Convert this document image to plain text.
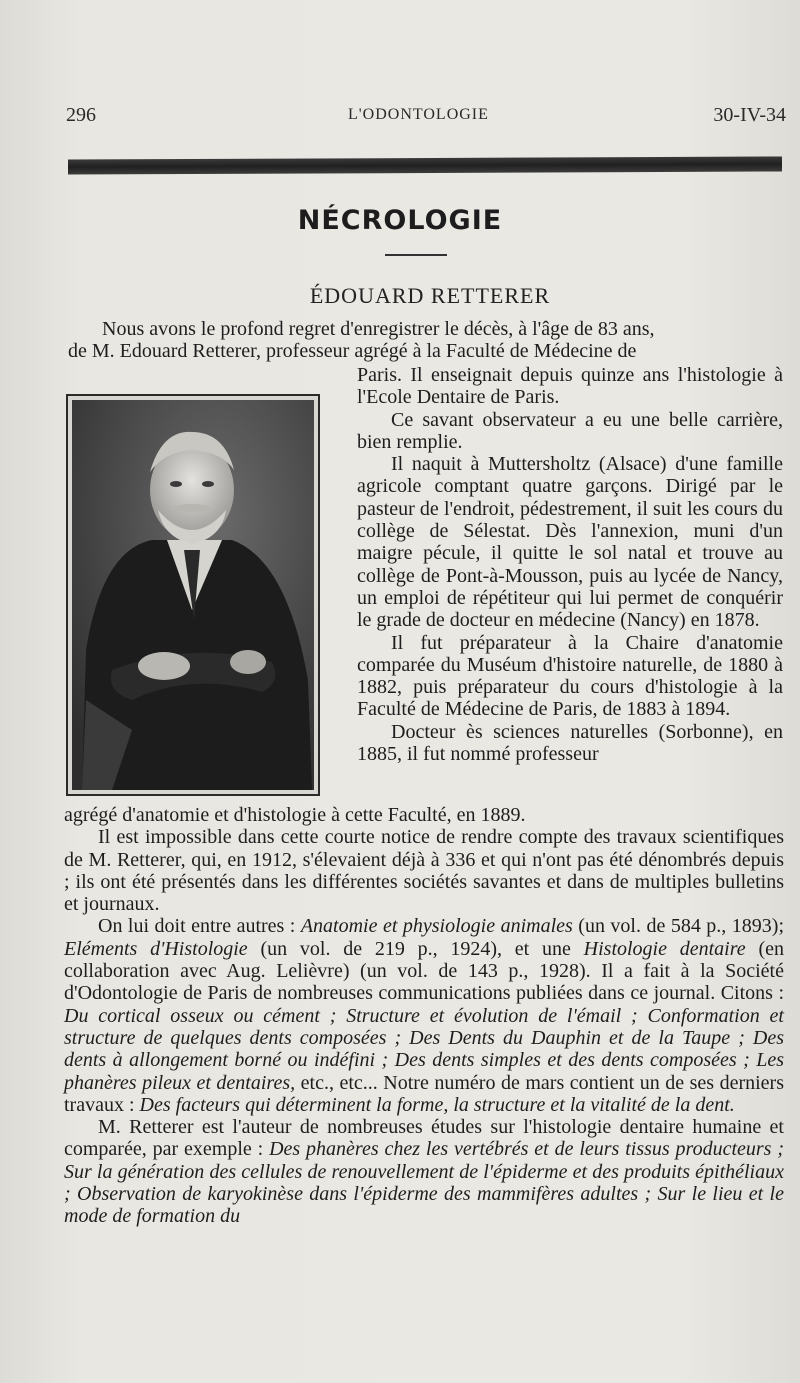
296	L'ODONTOLOGIE	30-IV-34
NÉCROLOGIE
ÉDOUARD RETTERER
Nous avons le profond regret d'enregistrer le décès, à l'âge de 83 ans,
de M. Edouard Retterer, professeur agrégé à la Faculté de Médecine de

Paris. Il enseignait depuis quinze ans l'histologie à l'Ecole Dentaire de Paris.

Ce savant observateur a eu une belle carrière, bien remplie.

Il naquit à Muttersholtz (Alsace) d'une famille agricole comptant quatre garçons. Dirigé par le pasteur de l'endroit, pédestrement, il suit les cours du collège de Sélestat. Dès l'annexion, muni d'un maigre pécule, il quitte le sol natal et trouve au collège de Pont-à-Mousson, puis au lycée de Nancy, un emploi de répétiteur qui lui permet de conquérir le grade de docteur en médecine (Nancy) en 1878.

Il fut préparateur à la Chaire d'anatomie comparée du Muséum d'histoire naturelle, de 1880 à 1882, puis préparateur du cours d'histologie à la Faculté de Médecine de Paris, de 1883 à 1894.

Docteur ès sciences naturelles (Sorbonne), en 1885, il fut nommé professeur

agrégé d'anatomie et d'histologie à cette Faculté, en 1889.

Il est impossible dans cette courte notice de rendre compte des travaux scientifiques de M. Retterer, qui, en 1912, s'élevaient déjà à 336 et qui n'ont pas été dénombrés depuis ; ils ont été présentés dans les différentes sociétés savantes et dans de multiples bulletins et journaux.

On lui doit entre autres : Anatomie et physiologie animales (un vol. de 584 p., 1893); Eléments d'Histologie (un vol. de 219 p., 1924), et une Histologie dentaire (en collaboration avec Aug. Lelièvre) (un vol. de 143 p., 1928). Il a fait à la Société d'Odontologie de Paris de nombreuses communications publiées dans ce journal. Citons : Du cortical osseux ou cément ; Structure et évolution de l'émail ; Conformation et structure de quelques dents composées ; Des Dents du Dauphin et de la Taupe ; Des dents à allongement borné ou indéfini ; Des dents simples et des dents composées ; Les phanères pileux et dentaires, etc., etc... Notre numéro de mars contient un de ses derniers travaux : Des facteurs qui déterminent la forme, la structure et la vitalité de la dent.

M. Retterer est l'auteur de nombreuses études sur l'histologie dentaire humaine et comparée, par exemple : Des phanères chez les vertébrés et de leurs tissus producteurs ; Sur la génération des cellules de renouvellement de l'épiderme et des produits épithéliaux ; Observation de karyokinèse dans l'épiderme des mammifères adultes ; Sur le lieu et le mode de formation du
